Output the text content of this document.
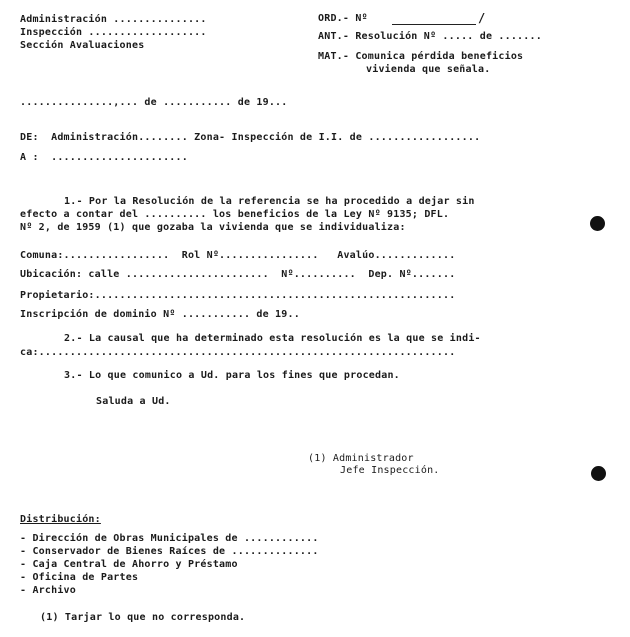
Administración ...............
Inspección ...................
Sección Avaluaciones
ORD.- Nº	/
ANT.- Resolución Nº ..... de .......
MAT.- Comunica pérdida beneficios
vivienda que señala.
...............,... de ........... de 19...
DE:  Administración........ Zona- Inspección de I.I. de ..................
A :  ......................
1.- Por la Resolución de la referencia se ha procedido a dejar sin
efecto a contar del .......... los beneficios de la Ley Nº 9135; DFL.
Nº 2, de 1959 (1) que gozaba la vivienda que se individualiza:
Comuna:.................  Rol Nº................   Avalúo.............
Ubicación: calle .......................  Nº..........  Dep. Nº.......
Propietario:..........................................................
Inscripción de dominio Nº ........... de 19..
2.- La causal que ha determinado esta resolución es la que se indi-
ca:...................................................................
3.- Lo que comunico a Ud. para los fines que procedan.
Saluda a Ud.
(1) Administrador
Jefe Inspección.
Distribución:
- Dirección de Obras Municipales de ............
- Conservador de Bienes Raíces de ..............
- Caja Central de Ahorro y Préstamo
- Oficina de Partes
- Archivo
(1) Tarjar lo que no corresponda.
